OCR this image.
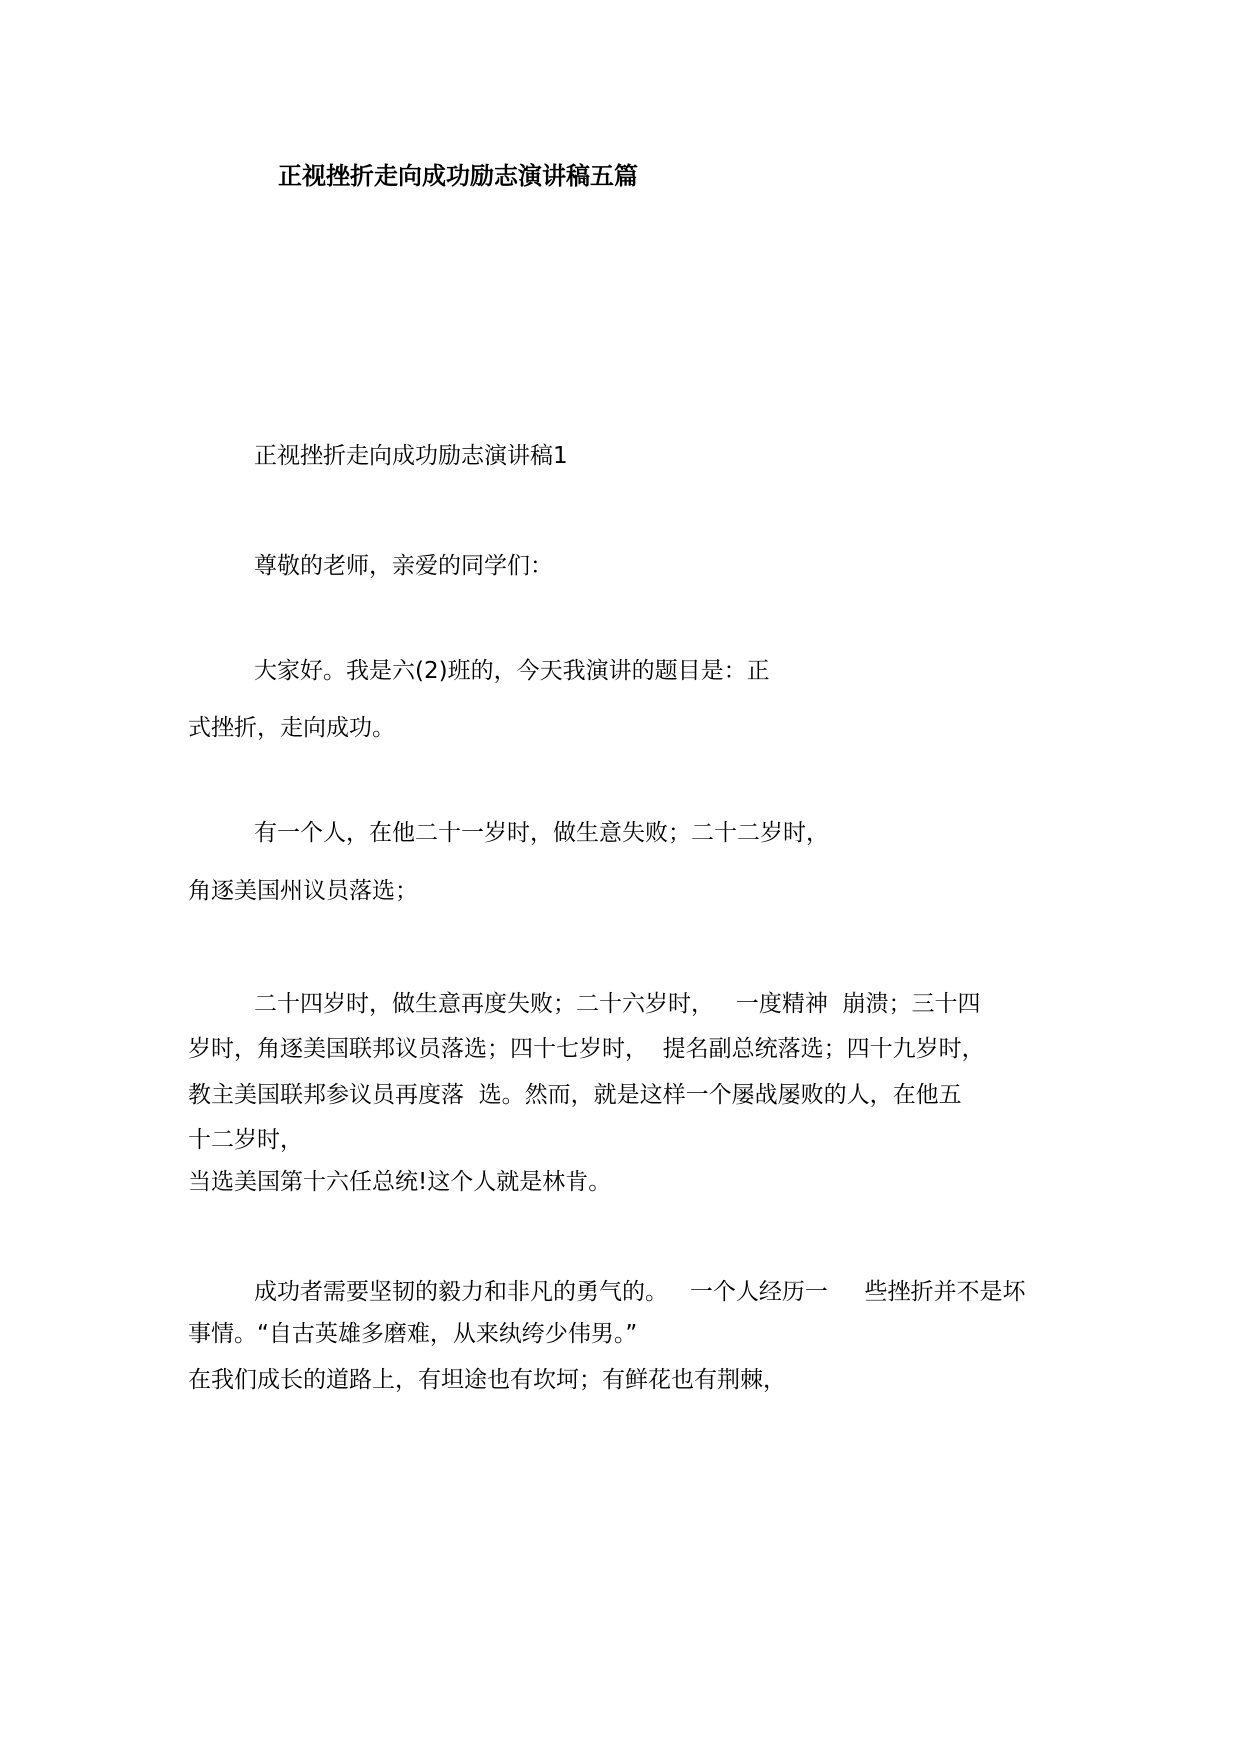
正视挫折走向成功励志演讲稿五篇
正视挫折走向成功励志演讲稿1
尊敬的老师，亲爱的同学们：
大家好。我是六(2)班的，今天我演讲的题目是：正
式挫折，走向成功。
有一个人，在他二十一岁时，做生意失败；二十二岁时，
角逐美国州议员落选；
二十四岁时，做生意再度失败；二十六岁时，   一度精神  崩溃；三十四
岁时，角逐美国联邦议员落选；四十七岁时，  提名副总统落选；四十九岁时，
教主美国联邦参议员再度落  选。然而，就是这样一个屡战屡败的人，在他五
十二岁时，
当选美国第十六任总统!这个人就是林肯。
成功者需要坚韧的毅力和非凡的勇气的。   一个人经历一     些挫折并不是坏
事情。“自古英雄多磨难，从来纨绔少伟男。”
在我们成长的道路上，有坦途也有坎坷；有鲜花也有荆棘，
